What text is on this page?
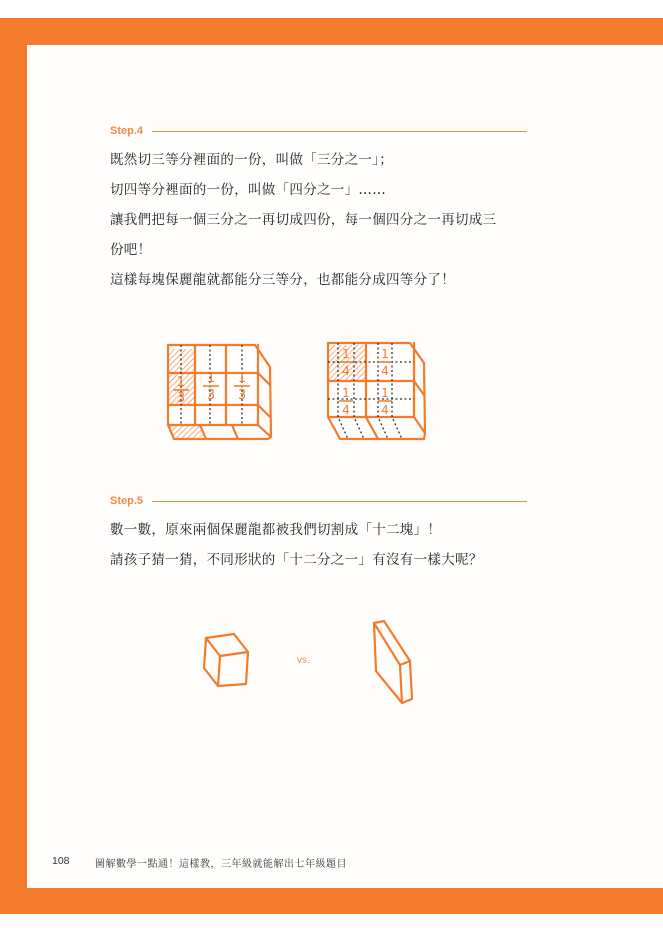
Step.4

既然切三等分裡面的一份，叫做「三分之一」；

切四等分裡面的一份，叫做「四分之一」……

讓我們把每一個三分之一再切成四份，每一個四分之一再切成三

份吧！

這樣每塊保麗龍就都能分三等分，也都能分成四等分了！

1
3
1
3
1
3
1
4
1
4
1
4
1
4
Step.5

數一數，原來兩個保麗龍都被我們切割成「十二塊」！

請孩子猜一猜，不同形狀的「十二分之一」有沒有一樣大呢？

vs.
108	圖解數學一點通！這樣教，三年級就能解出七年級題目
